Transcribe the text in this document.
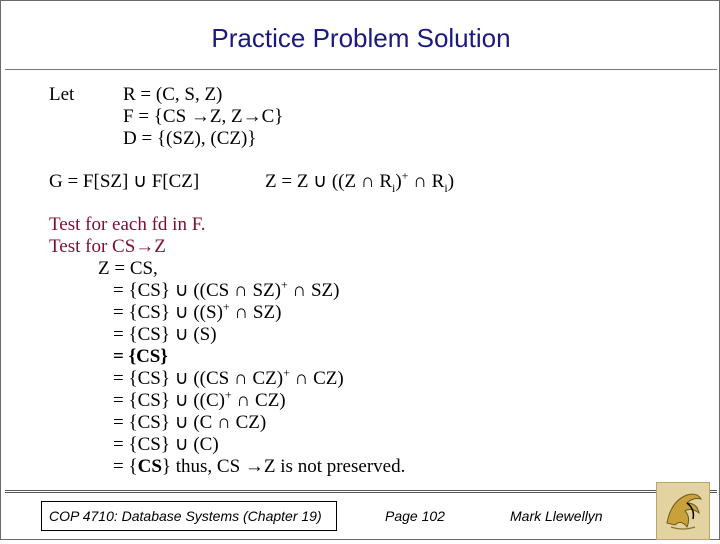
Practice Problem Solution
Let	R = (C, S, Z)
F = {CS →Z, Z→C}
D = {(SZ), (CZ)}
G = F[SZ] ∪ F[CZ]	Z = Z ∪ ((Z ∩ $R_i)^+$ ∩ $R_i$)
Test for each fd in F.
Test for CS→Z
Z = CS,
= {CS} ∪ ((CS ∩ SZ)+ ∩ SZ)
= {CS} ∪ ((S)+ ∩ SZ)
= {CS} ∪ (S)
= {CS}
= {CS} ∪ ((CS ∩ CZ)+ ∩ CZ)
= {CS} ∪ ((C)+ ∩ CZ)
= {CS} ∪ (C ∩ CZ)
= {CS} ∪ (C)
= {CS} thus, CS →Z is not preserved.
COP 4710: Database Systems (Chapter 19)	Page 102	Mark Llewellyn
